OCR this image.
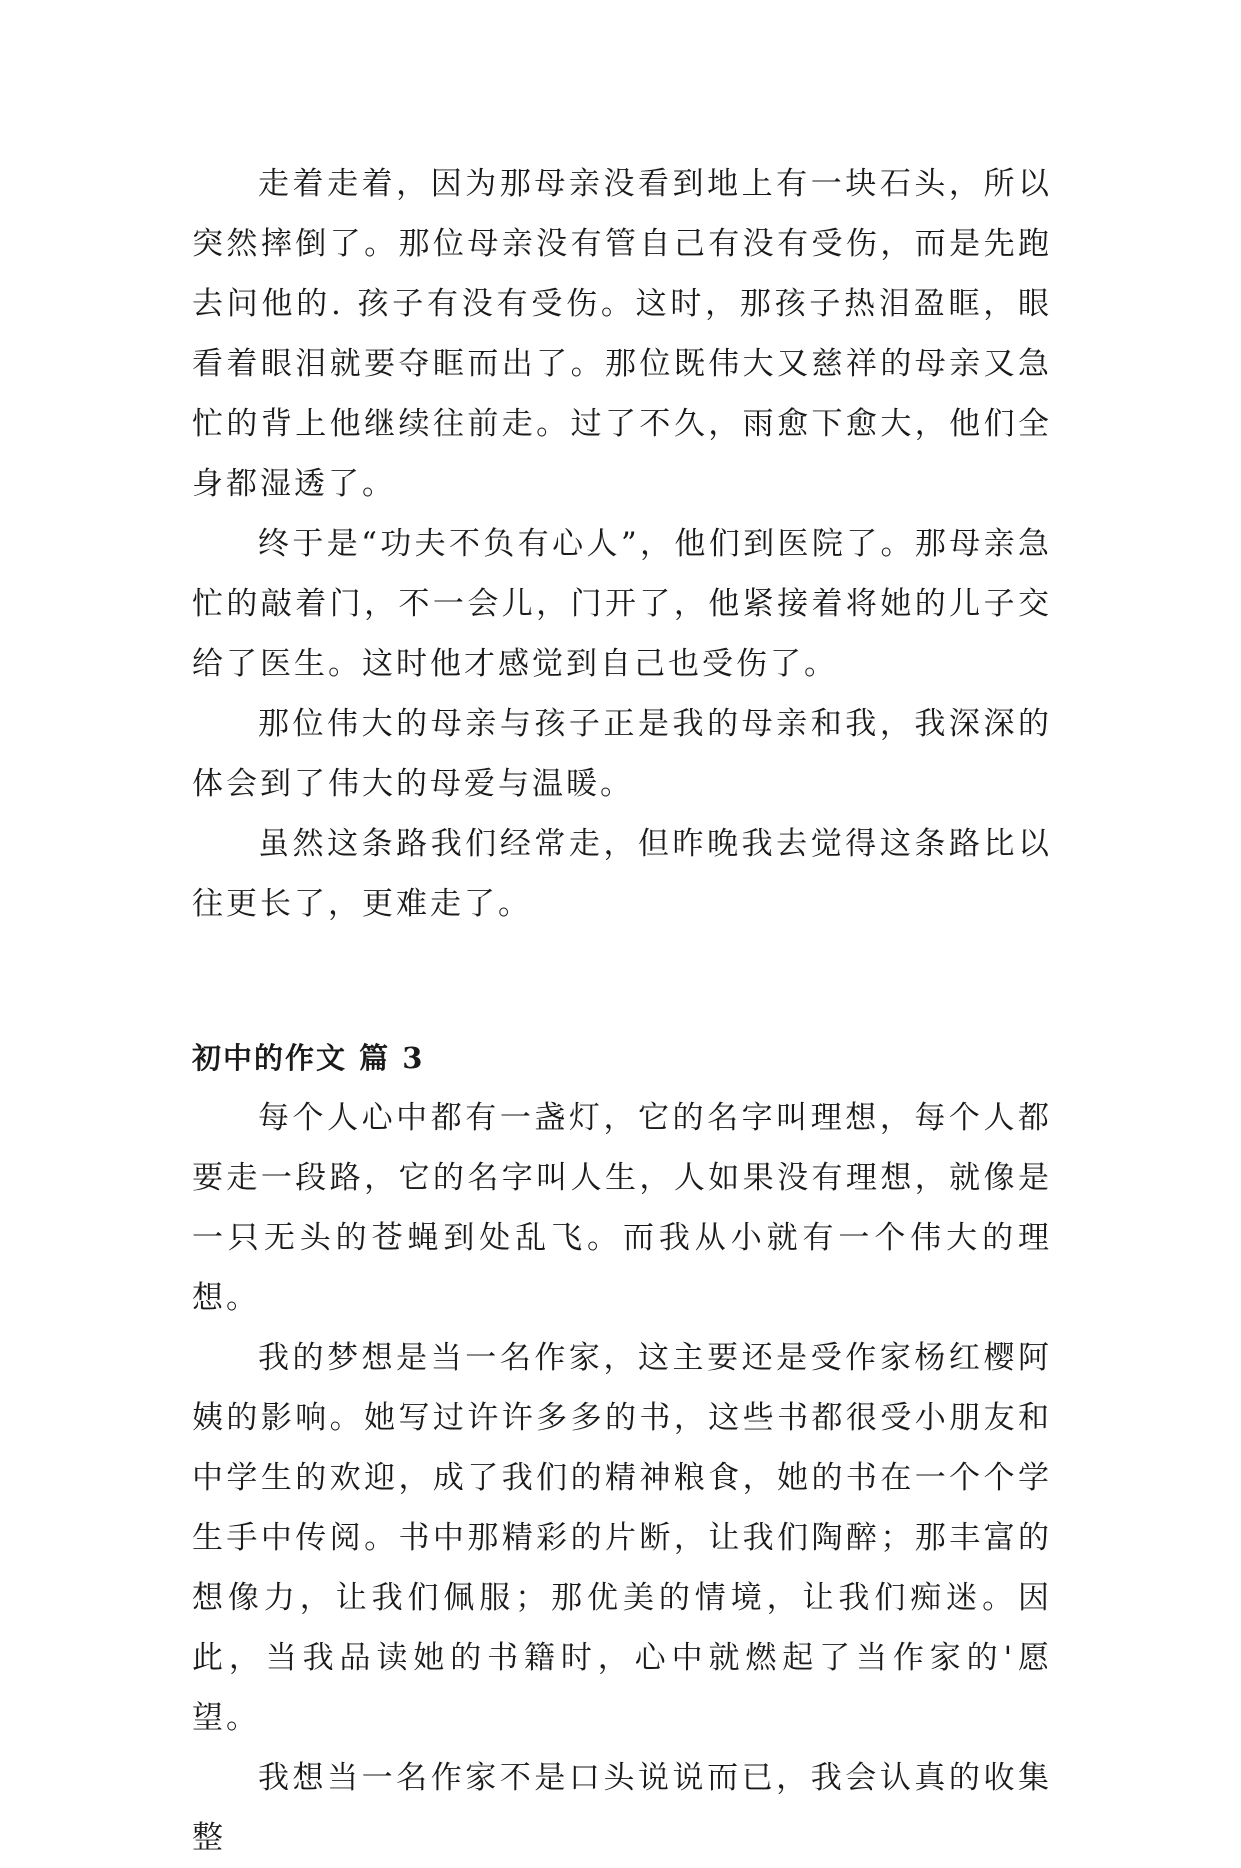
走着走着，因为那母亲没看到地上有一块石头，所以突然摔倒了。那位母亲没有管自己有没有受伤，而是先跑去问他的. 孩子有没有受伤。这时，那孩子热泪盈眶，眼看着眼泪就要夺眶而出了。那位既伟大又慈祥的母亲又急忙的背上他继续往前走。过了不久，雨愈下愈大，他们全身都湿透了。

终于是“功夫不负有心人”，他们到医院了。那母亲急忙的敲着门，不一会儿，门开了，他紧接着将她的儿子交给了医生。这时他才感觉到自己也受伤了。

那位伟大的母亲与孩子正是我的母亲和我，我深深的体会到了伟大的母爱与温暖。

虽然这条路我们经常走，但昨晚我去觉得这条路比以往更长了，更难走了。

初中的作文 篇 3

每个人心中都有一盏灯，它的名字叫理想，每个人都要走一段路，它的名字叫人生，人如果没有理想，就像是一只无头的苍蝇到处乱飞。而我从小就有一个伟大的理想。

我的梦想是当一名作家，这主要还是受作家杨红樱阿姨的影响。她写过许许多多的书，这些书都很受小朋友和中学生的欢迎，成了我们的精神粮食，她的书在一个个学生手中传阅。书中那精彩的片断，让我们陶醉；那丰富的想像力，让我们佩服；那优美的情境，让我们痴迷。因此，当我品读她的书籍时，心中就燃起了当作家的'愿望。

我想当一名作家不是口头说说而已，我会认真的收集整
